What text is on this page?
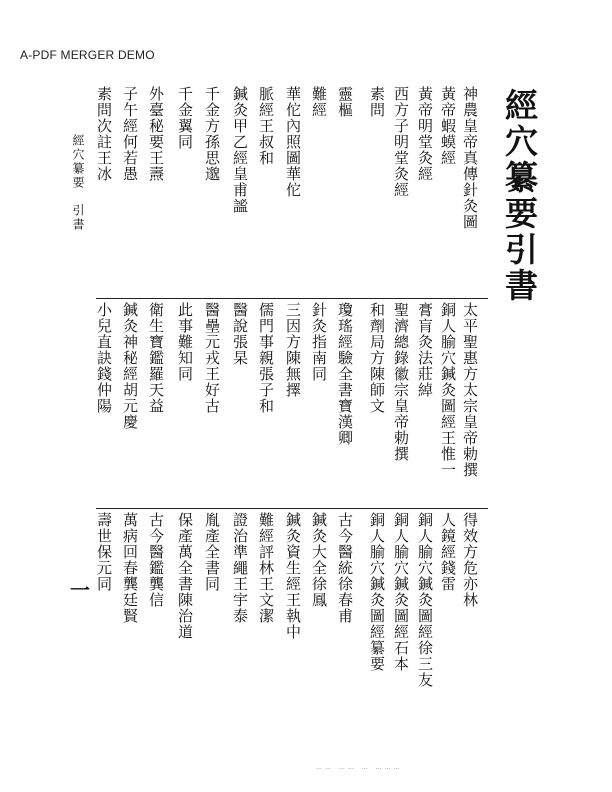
A-PDF MERGER DEMO
經穴纂要引書
神農皇帝真傳針灸圖
黃帝蝦蟆經
黃帝明堂灸經
西方子明堂灸經
素問
靈樞
難經
華佗內照圖華佗
脈經王叔和
鍼灸甲乙經皇甫謐
千金方孫思邈
千金翼同
外臺秘要王燾
子午經何若愚
素問次註王冰
經穴纂要　引書
太平聖惠方太宗皇帝勅撰
銅人腧穴鍼灸圖經王惟一
膏肓灸法莊綽
聖濟總錄徽宗皇帝勅撰
和劑局方陳師文
瓊瑤經驗全書寶漢卿
針灸指南同
三因方陳無擇
儒門事親張子和
醫說張杲
醫壘元戎王好古
此事難知同
衛生寶鑑羅天益
鍼灸神秘經胡元慶
小兒直訣錢仲陽
得效方危亦林
人鏡經錢雷
銅人腧穴鍼灸圖經徐三友
銅人腧穴鍼灸圖經石本
銅人腧穴鍼灸圖經纂要
古今醫統徐春甫
鍼灸大全徐鳳
鍼灸資生經王執中
難經評林王文潔
證治準繩王宇泰
胤產全書同
保產萬全書陳治道
古今醫鑑龔信
萬病回春龔廷賢
壽世保元同
一
…… …… … ………
